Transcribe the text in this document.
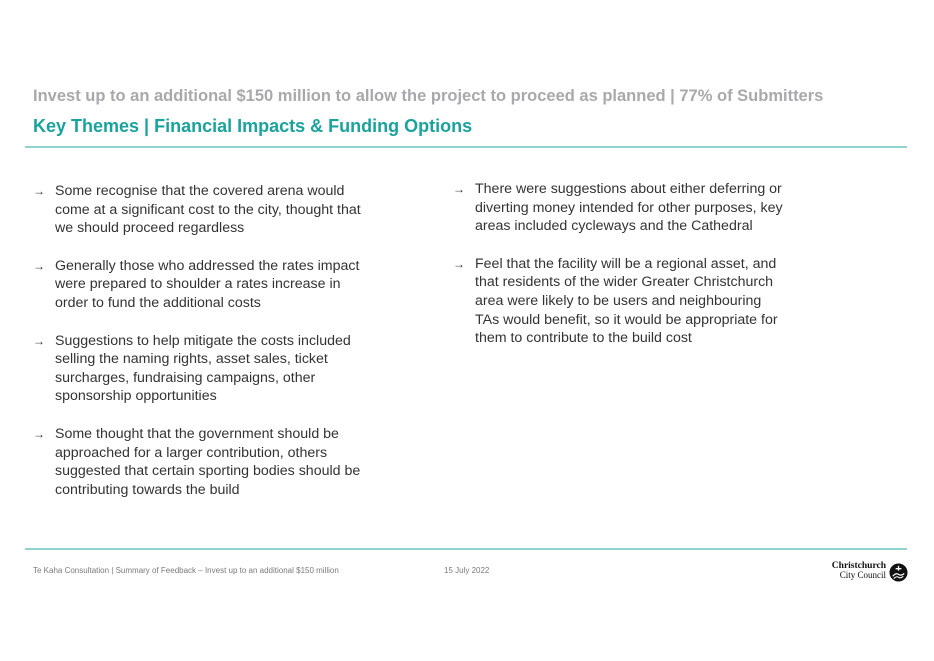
Invest up to an additional $150 million to allow the project to proceed as planned | 77% of Submitters
Key Themes | Financial Impacts & Funding Options
→ Some recognise that the covered arena would come at a significant cost to the city, thought that we should proceed regardless
→ Generally those who addressed the rates impact were prepared to shoulder a rates increase in order to fund the additional costs
→ Suggestions to help mitigate the costs included selling the naming rights, asset sales, ticket surcharges, fundraising campaigns, other sponsorship opportunities
→ Some thought that the government should be approached for a larger contribution, others suggested that certain sporting bodies should be contributing towards the build
→ There were suggestions about either deferring or diverting money intended for other purposes, key areas included cycleways and the Cathedral
→ Feel that the facility will be a regional asset, and that residents of the wider Greater Christchurch area were likely to be users and neighbouring TAs would benefit, so it would be appropriate for them to contribute to the build cost
Te Kaha Consultation | Summary of Feedback – Invest up to an additional $150 million	15 July 2022	Christchurch
City Council
